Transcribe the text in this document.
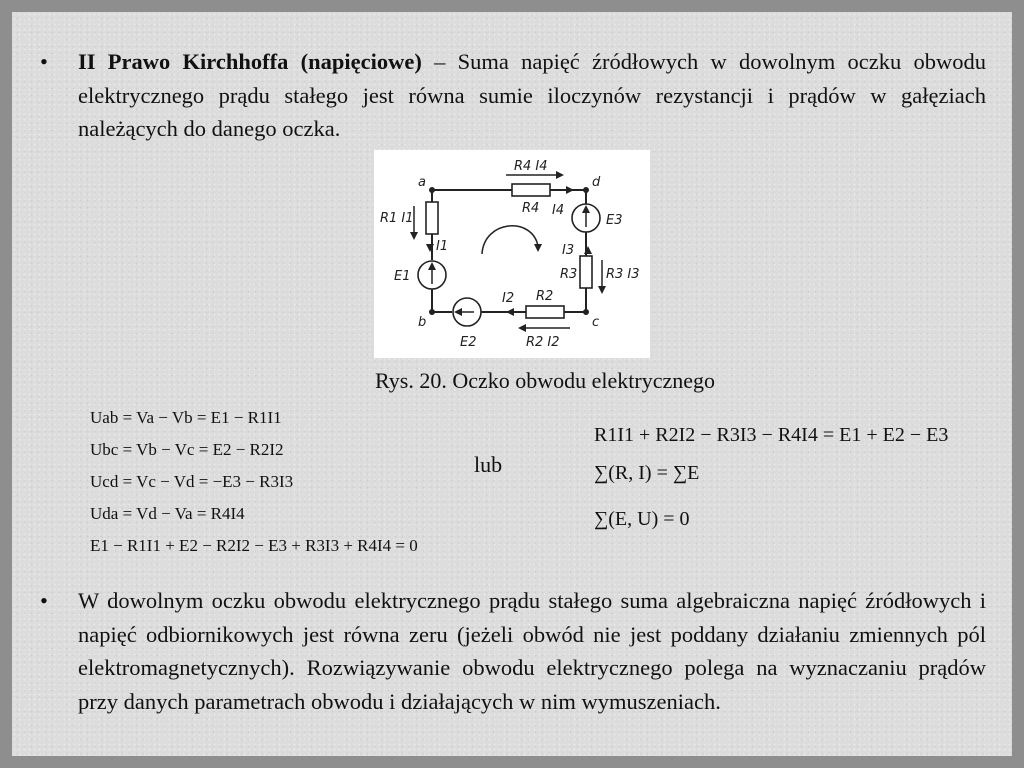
• II Prawo Kirchhoffa (napięciowe) – Suma napięć źródłowych w dowolnym oczku obwodu elektrycznego prądu stałego jest równa sumie iloczynów rezystancji i prądów w gałęziach należących do danego oczka.
a	d
b	c
R4 I4
R4 I4
R1 I1
I1
E1
E3
I3
R3 R3 I3
I2 R2
R2 I2
E2
Rys. 20. Oczko obwodu elektrycznego
Uab = Va − Vb = E1 − R1I1
Ubc = Vb − Vc = E2 − R2I2
Ucd = Vc − Vd = −E3 − R3I3
Uda = Vd − Va = R4I4
E1 − R1I1 + E2 − R2I2 − E3 + R3I3 + R4I4 = 0
lub
R1I1 + R2I2 − R3I3 − R4I4 = E1 + E2 − E3
∑(R, I) = ∑E
∑(E, U) = 0
• W dowolnym oczku obwodu elektrycznego prądu stałego suma algebraiczna napięć źródłowych i napięć odbiornikowych jest równa zeru (jeżeli obwód nie jest poddany działaniu zmiennych pól elektromagnetycznych). Rozwiązywanie obwodu elektrycznego polega na wyznaczaniu prądów przy danych parametrach obwodu i działających w nim wymuszeniach.
